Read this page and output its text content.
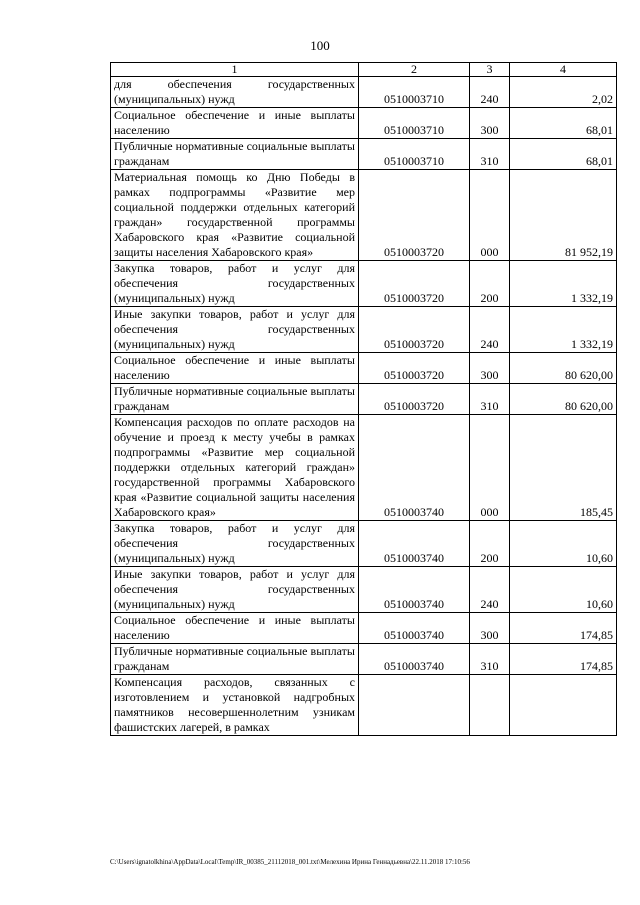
100
1	2	3	4
для обеспечения государственных (муниципальных) нужд	0510003710	240	2,02
Социальное обеспечение и иные выплаты населению	0510003710	300	68,01
Публичные нормативные социальные выплаты гражданам	0510003710	310	68,01
Материальная помощь ко Дню Победы в рамках подпрограммы «Развитие мер социальной поддержки отдельных категорий граждан» государственной программы Хабаровского края «Развитие социальной защиты населения Хабаровского края»	0510003720	000	81 952,19
Закупка товаров, работ и услуг для обеспечения государственных (муниципальных) нужд	0510003720	200	1 332,19
Иные закупки товаров, работ и услуг для обеспечения государственных (муниципальных) нужд	0510003720	240	1 332,19
Социальное обеспечение и иные выплаты населению	0510003720	300	80 620,00
Публичные нормативные социальные выплаты гражданам	0510003720	310	80 620,00
Компенсация расходов по оплате расходов на обучение и проезд к месту учебы в рамках подпрограммы «Развитие мер социальной поддержки отдельных категорий граждан» государственной программы Хабаровского края «Развитие социальной защиты населения Хабаровского края»	0510003740	000	185,45
Закупка товаров, работ и услуг для обеспечения государственных (муниципальных) нужд	0510003740	200	10,60
Иные закупки товаров, работ и услуг для обеспечения государственных (муниципальных) нужд	0510003740	240	10,60
Социальное обеспечение и иные выплаты населению	0510003740	300	174,85
Публичные нормативные социальные выплаты гражданам	0510003740	310	174,85
Компенсация расходов, связанных с изготовлением и установкой надгробных памятников несовершеннолетним узникам фашистских лагерей, в рамках			
C:\Users\ignatolkhina\AppData\Local\Temp\IR_00385_21112018_001.txt\Мелехина Ирина Геннадьевна\22.11.2018 17:10:56
